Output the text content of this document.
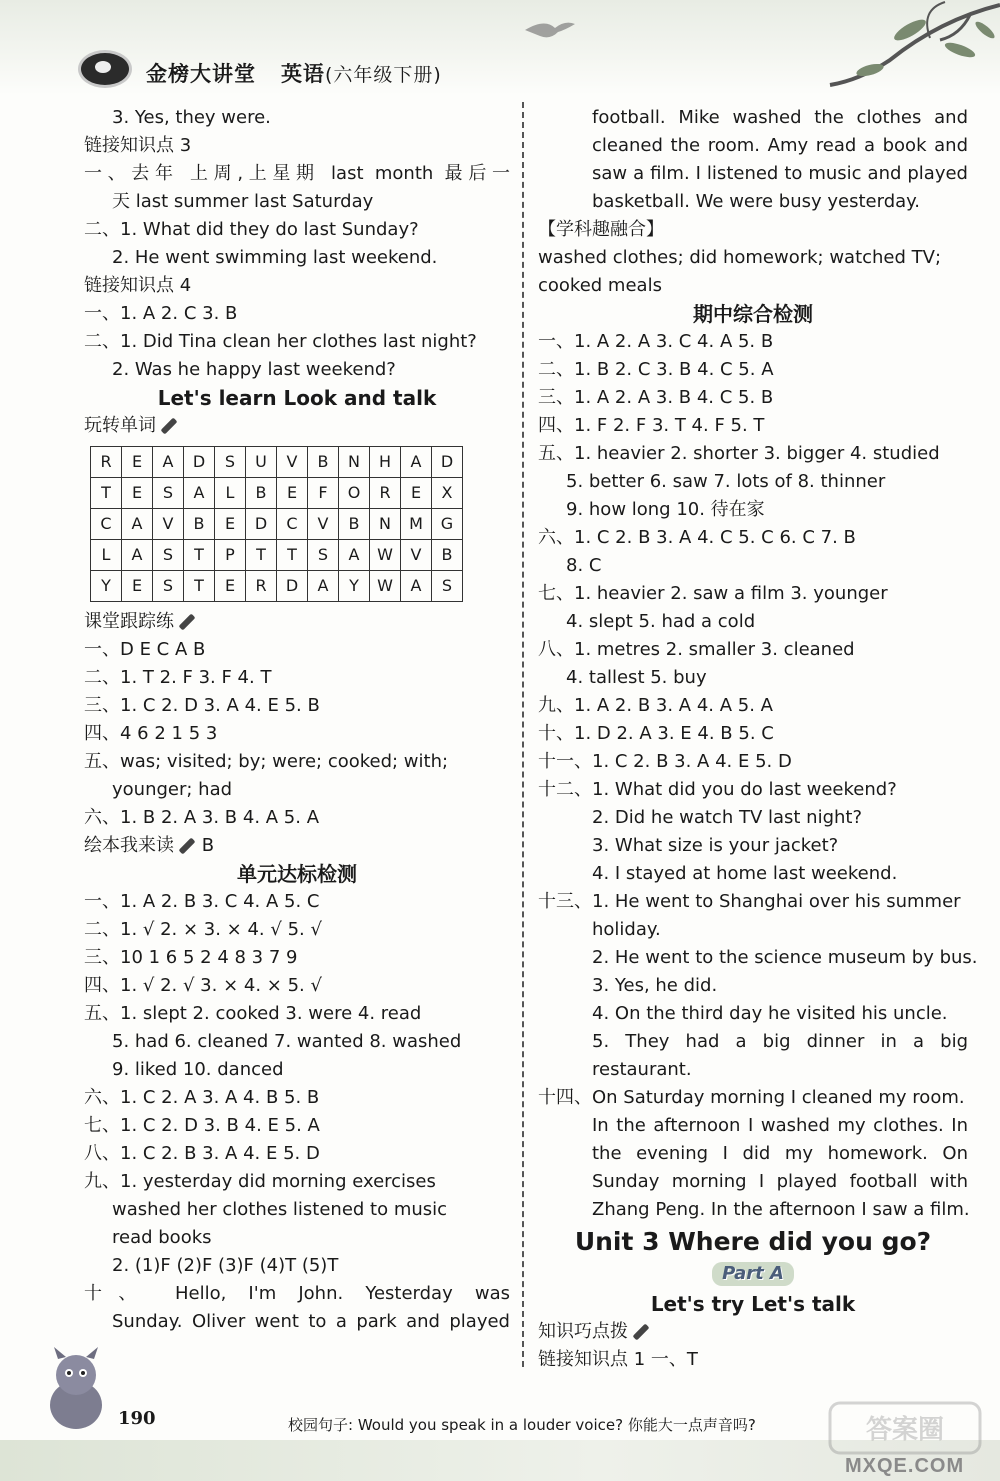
金榜大讲堂 英语(六年级下册)
3. Yes, they were.
链接知识点 3
一、去年 上周,上星期 last month 最后一
天 last summer last Saturday
二、1. What did they do last Sunday?
2. He went swimming last weekend.
链接知识点 4
一、1. A 2. C 3. B
二、1. Did Tina clean her clothes last night?
2. Was he happy last weekend?
Let's learn Look and talk
玩转单词
R	E	A	D	S	U	V	B	N	H	A	D
T	E	S	A	L	B	E	F	O	R	E	X
C	A	V	B	E	D	C	V	B	N	M	G
L	A	S	T	P	T	T	S	A	W	V	B
Y	E	S	T	E	R	D	A	Y	W	A	S
课堂跟踪练
一、D E C A B
二、1. T 2. F 3. F 4. T
三、1. C 2. D 3. A 4. E 5. B
四、4 6 2 1 5 3
五、was; visited; by; were; cooked; with;
younger; had
六、1. B 2. A 3. B 4. A 5. A
绘本我来读 B
单元达标检测
一、1. A 2. B 3. C 4. A 5. C
二、1. √ 2. × 3. × 4. √ 5. √
三、10 1 6 5 2 4 8 3 7 9
四、1. √ 2. √ 3. × 4. × 5. √
五、1. slept 2. cooked 3. were 4. read
5. had 6. cleaned 7. wanted 8. washed
9. liked 10. danced
六、1. C 2. A 3. A 4. B 5. B
七、1. C 2. D 3. B 4. E 5. A
八、1. C 2. B 3. A 4. E 5. D
九、1. yesterday did morning exercises
washed her clothes listened to music
read books
2. (1)F (2)F (3)F (4)T (5)T
十、 Hello, I'm John. Yesterday was
Sunday. Oliver went to a park and played
football. Mike washed the clothes and
cleaned the room. Amy read a book and
saw a film. I listened to music and played
basketball. We were busy yesterday.
【学科趣融合】
washed clothes; did homework; watched TV;
cooked meals
期中综合检测
一、1. A 2. A 3. C 4. A 5. B
二、1. B 2. C 3. B 4. C 5. A
三、1. A 2. A 3. B 4. C 5. B
四、1. F 2. F 3. T 4. F 5. T
五、1. heavier 2. shorter 3. bigger 4. studied
5. better 6. saw 7. lots of 8. thinner
9. how long 10. 待在家
六、1. C 2. B 3. A 4. C 5. C 6. C 7. B
8. C
七、1. heavier 2. saw a film 3. younger
4. slept 5. had a cold
八、1. metres 2. smaller 3. cleaned
4. tallest 5. buy
九、1. A 2. B 3. A 4. A 5. A
十、1. D 2. A 3. E 4. B 5. C
十一、1. C 2. B 3. A 4. E 5. D
十二、1. What did you do last weekend?
2. Did he watch TV last night?
3. What size is your jacket?
4. I stayed at home last weekend.
十三、1. He went to Shanghai over his summer
holiday.
2. He went to the science museum by bus.
3. Yes, he did.
4. On the third day he visited his uncle.
5. They had a big dinner in a big
restaurant.
十四、On Saturday morning I cleaned my room.
In the afternoon I washed my clothes. In
the evening I did my homework. On
Sunday morning I played football with
Zhang Peng. In the afternoon I saw a film.
Unit 3 Where did you go?
Part A
Let's try Let's talk
知识巧点拨
链接知识点 1 一、T
190	校园句子: Would you speak in a louder voice? 你能大一点声音吗?	答案圈
MXQE.COM
